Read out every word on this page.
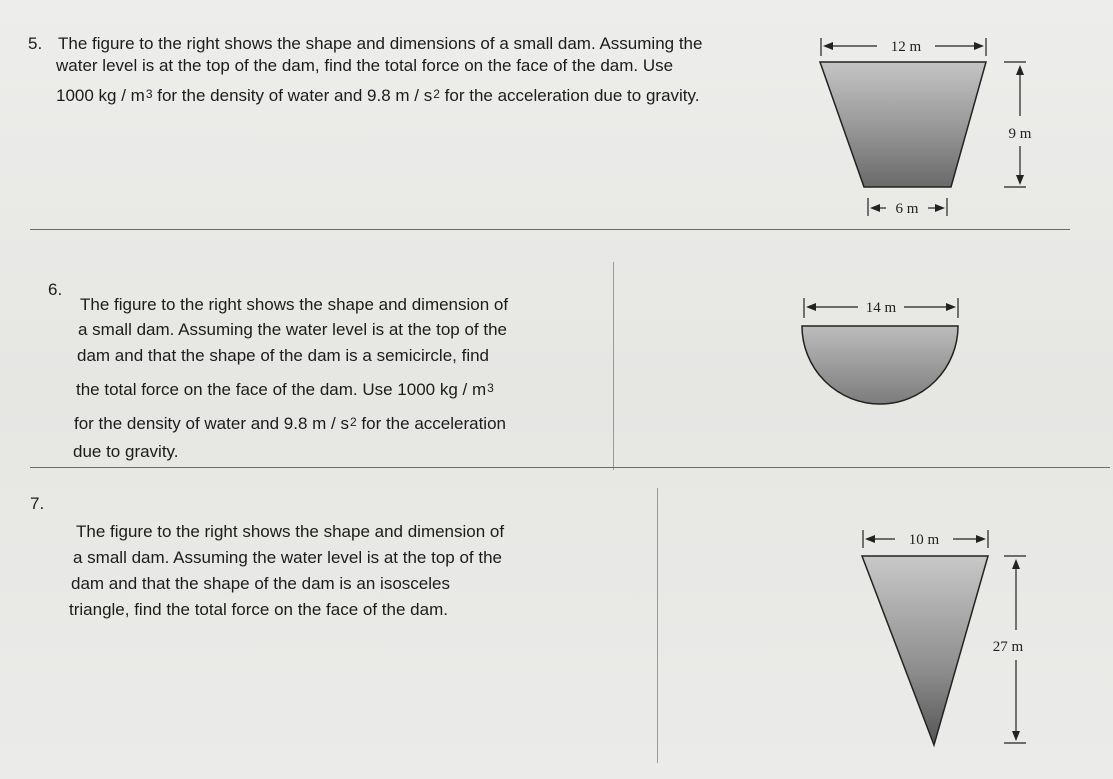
5. The figure to the right shows the shape and dimensions of a small dam. Assuming the
water level is at the top of the dam, find the total force on the face of the dam. Use
1000 kg / $m^3$ for the density of water and 9.8 m / $s^2$ for the acceleration due to gravity.
6.
The figure to the right shows the shape and dimension of
a small dam. Assuming the water level is at the top of the
dam and that the shape of the dam is a semicircle, find
the total force on the face of the dam. Use 1000 kg / $m^3$
for the density of water and 9.8 m / $s^2$ for the acceleration
due to gravity.
7.
The figure to the right shows the shape and dimension of
a small dam. Assuming the water level is at the top of the
dam and that the shape of the dam is an isosceles
triangle, find the total force on the face of the dam.
12 m
9 m
6 m
14 m
10 m
27 m
